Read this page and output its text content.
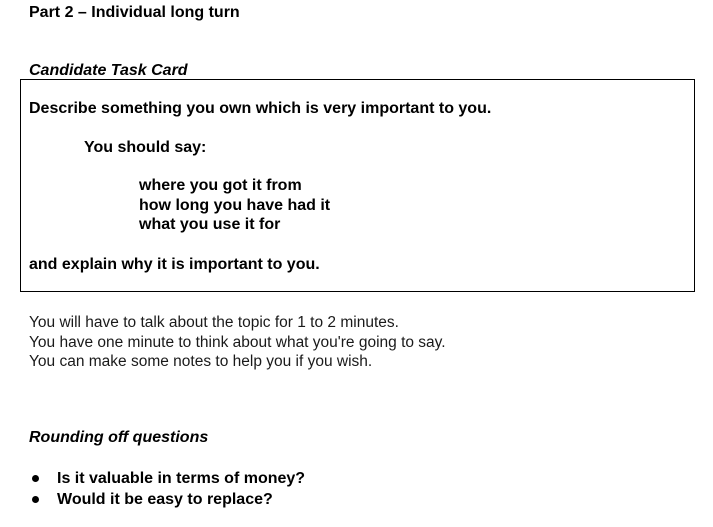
Part 2 – Individual long turn
Candidate Task Card
Describe something you own which is very important to you.
You should say:
where you got it from
how long you have had it
what you use it for
and explain why it is important to you.
You will have to talk about the topic for 1 to 2 minutes.
You have one minute to think about what you're going to say.
You can make some notes to help you if you wish.
Rounding off questions
Is it valuable in terms of money?
Would it be easy to replace?
